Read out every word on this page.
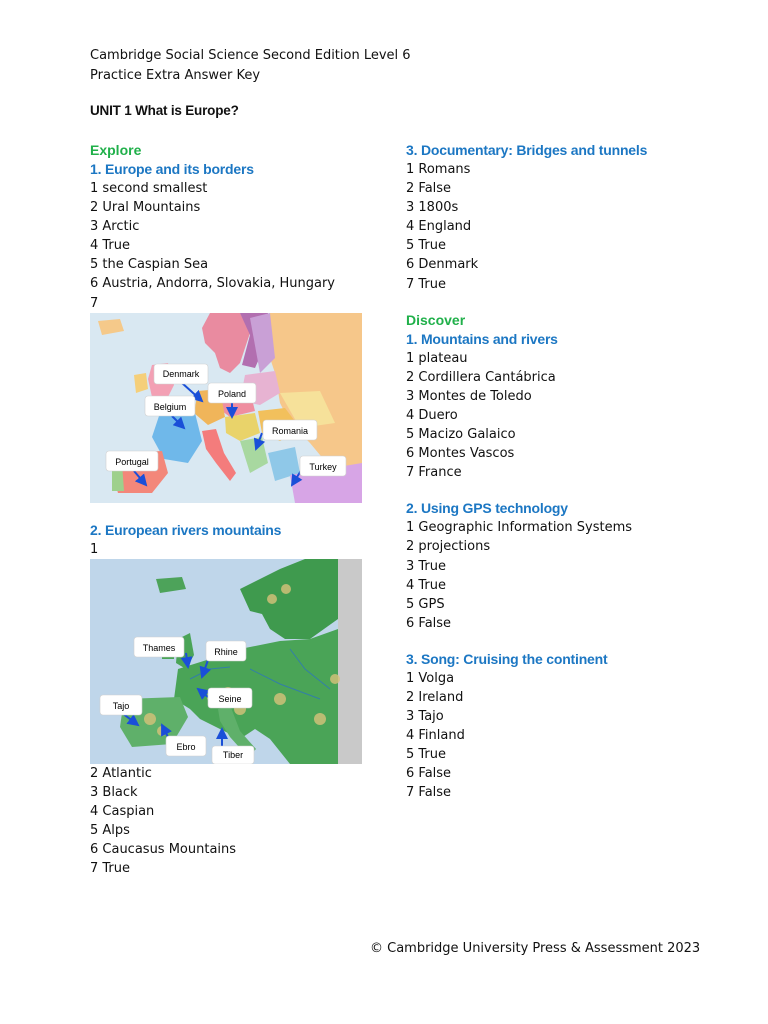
Cambridge Social Science Second Edition Level 6
Practice Extra Answer Key
UNIT 1 What is Europe?
Explore
1. Europe and its borders
1 second smallest
2 Ural Mountains
3 Arctic
4 True
5 the Caspian Sea
6 Austria, Andorra, Slovakia, Hungary
7
Denmark
Poland
Belgium
Romania
Portugal	Turkey
2. European rivers mountains
1
Thames	Rhine
Tajo
Seine
Ebro
Tiber
2 Atlantic
3 Black
4 Caspian
5 Alps
6 Caucasus Mountains
7 True
3. Documentary: Bridges and tunnels
1 Romans
2 False
3 1800s
4 England
5 True
6 Denmark
7 True
Discover
1. Mountains and rivers
1 plateau
2 Cordillera Cantábrica
3 Montes de Toledo
4 Duero
5 Macizo Galaico
6 Montes Vascos
7 France
2. Using GPS technology
1 Geographic Information Systems
2 projections
3 True
4 True
5 GPS
6 False
3. Song: Cruising the continent
1 Volga
2 Ireland
3 Tajo
4 Finland
5 True
6 False
7 False
© Cambridge University Press & Assessment 2023
